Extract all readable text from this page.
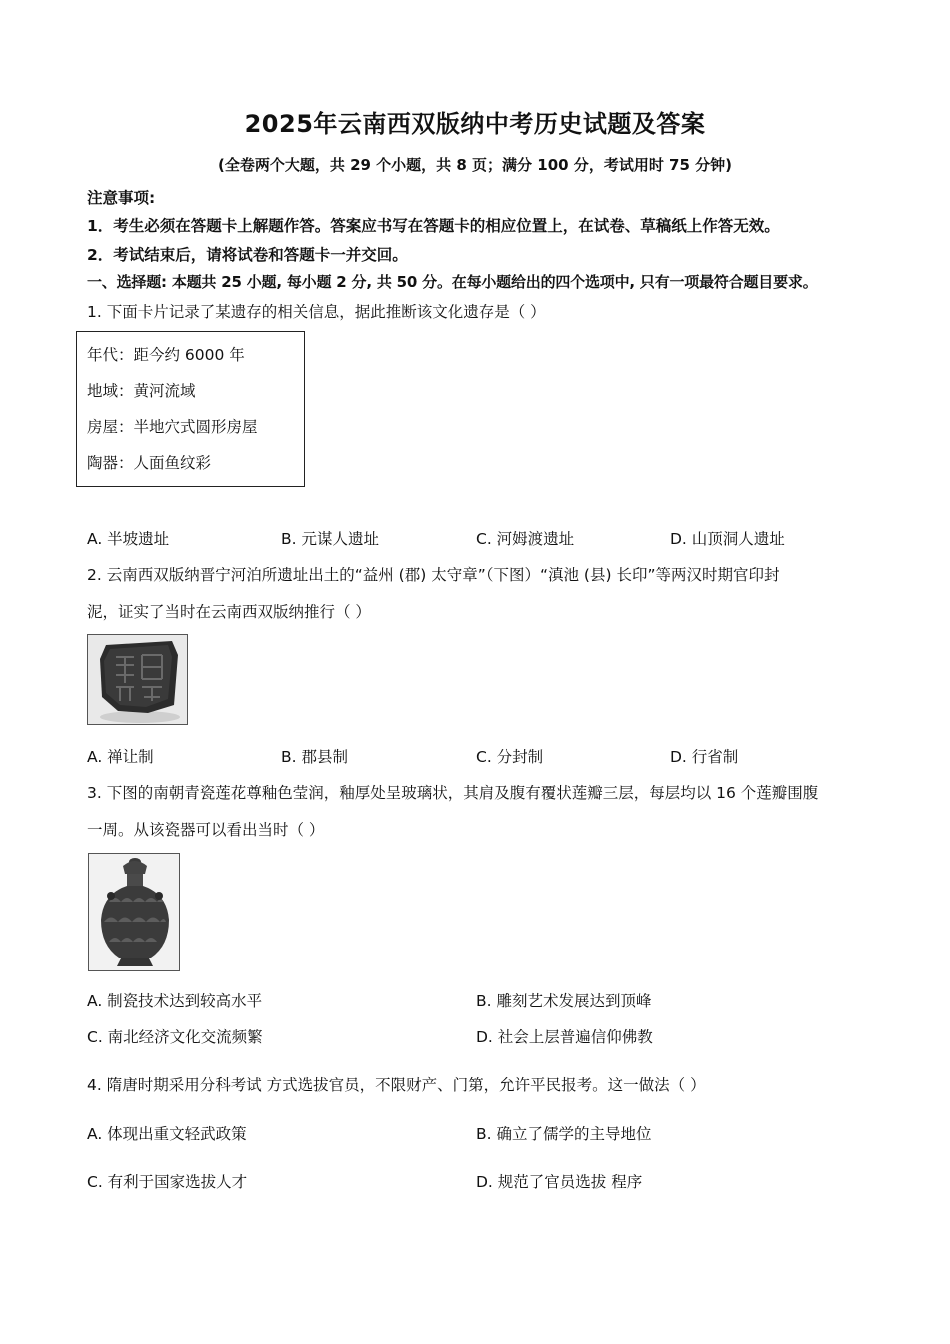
2025年云南西双版纳中考历史试题及答案
(全卷两个大题，共 29 个小题，共 8 页；满分 100 分，考试用时 75 分钟)
注意事项:
1．考生必须在答题卡上解题作答。答案应书写在答题卡的相应位置上，在试卷、草稿纸上作答无效。
2．考试结束后，请将试卷和答题卡一并交回。
一、选择题: 本题共 25 小题, 每小题 2 分, 共 50 分。在每小题给出的四个选项中, 只有一项最符合题目要求。
1. 下面卡片记录了某遗存的相关信息，据此推断该文化遗存是（ ）
年代：距今约 6000 年
地域：黄河流域
房屋：半地穴式圆形房屋
陶器：人面鱼纹彩
A. 半坡遗址	B. 元谋人遗址	C. 河姆渡遗址	D. 山顶洞人遗址
2. 云南西双版纳晋宁河泊所遗址出土的“益州 (郡) 太守章”（下图）“滇池 (县) 长印”等两汉时期官印封
泥，证实了当时在云南西双版纳推行（ ）
A. 禅让制	B. 郡县制	C. 分封制	D. 行省制
3. 下图的南朝青瓷莲花尊釉色莹润，釉厚处呈玻璃状，其肩及腹有覆状莲瓣三层，每层均以 16 个莲瓣围腹
一周。从该瓷器可以看出当时（ ）
A. 制瓷技术达到较高水平	B. 雕刻艺术发展达到顶峰
C. 南北经济文化交流频繁	D. 社会上层普遍信仰佛教
4. 隋唐时期采用分科考试 方式选拔官员，不限财产、门第，允许平民报考。这一做法（ ）
A. 体现出重文轻武政策	B. 确立了儒学的主导地位
C. 有利于国家选拔人才	D. 规范了官员选拔 程序
